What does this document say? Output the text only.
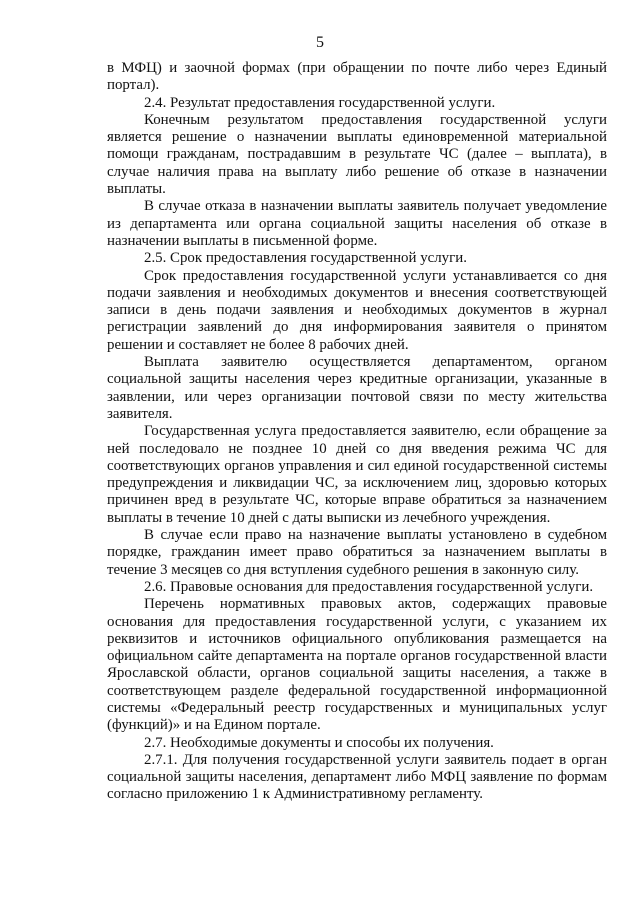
5

в МФЦ) и заочной формах (при обращении по почте либо через Единый портал).

2.4. Результат предоставления государственной услуги.

Конечным результатом предоставления государственной услуги является решение о назначении выплаты единовременной материальной помощи гражданам, пострадавшим в результате ЧС (далее – выплата), в случае наличия права на выплату либо решение об отказе в назначении выплаты.

В случае отказа в назначении выплаты заявитель получает уведомление из департамента или органа социальной защиты населения об отказе в назначении выплаты в письменной форме.

2.5. Срок предоставления государственной услуги.

Срок предоставления государственной услуги устанавливается со дня подачи заявления и необходимых документов и внесения соответствующей записи в день подачи заявления и необходимых документов в журнал регистрации заявлений до дня информирования заявителя о принятом решении и составляет не более 8 рабочих дней.

Выплата заявителю осуществляется департаментом, органом социальной защиты населения через кредитные организации, указанные в заявлении, или через организации почтовой связи по месту жительства заявителя.

Государственная услуга предоставляется заявителю, если обращение за ней последовало не позднее 10 дней со дня введения режима ЧС для соответствующих органов управления и сил единой государственной системы предупреждения и ликвидации ЧС, за исключением лиц, здоровью которых причинен вред в результате ЧС, которые вправе обратиться за назначением выплаты в течение 10 дней с даты выписки из лечебного учреждения.

В случае если право на назначение выплаты установлено в судебном порядке, гражданин имеет право обратиться за назначением выплаты в течение 3 месяцев со дня вступления судебного решения в законную силу.

2.6. Правовые основания для предоставления государственной услуги.

Перечень нормативных правовых актов, содержащих правовые основания для предоставления государственной услуги, с указанием их реквизитов и источников официального опубликования размещается на официальном сайте департамента на портале органов государственной власти Ярославской области, органов социальной защиты населения, а также в соответствующем разделе федеральной государственной информационной системы «Федеральный реестр государственных и муниципальных услуг (функций)» и на Едином портале.

2.7. Необходимые документы и способы их получения.

2.7.1. Для получения государственной услуги заявитель подает в орган социальной защиты населения, департамент либо МФЦ заявление по формам согласно приложению 1 к Административному регламенту.
